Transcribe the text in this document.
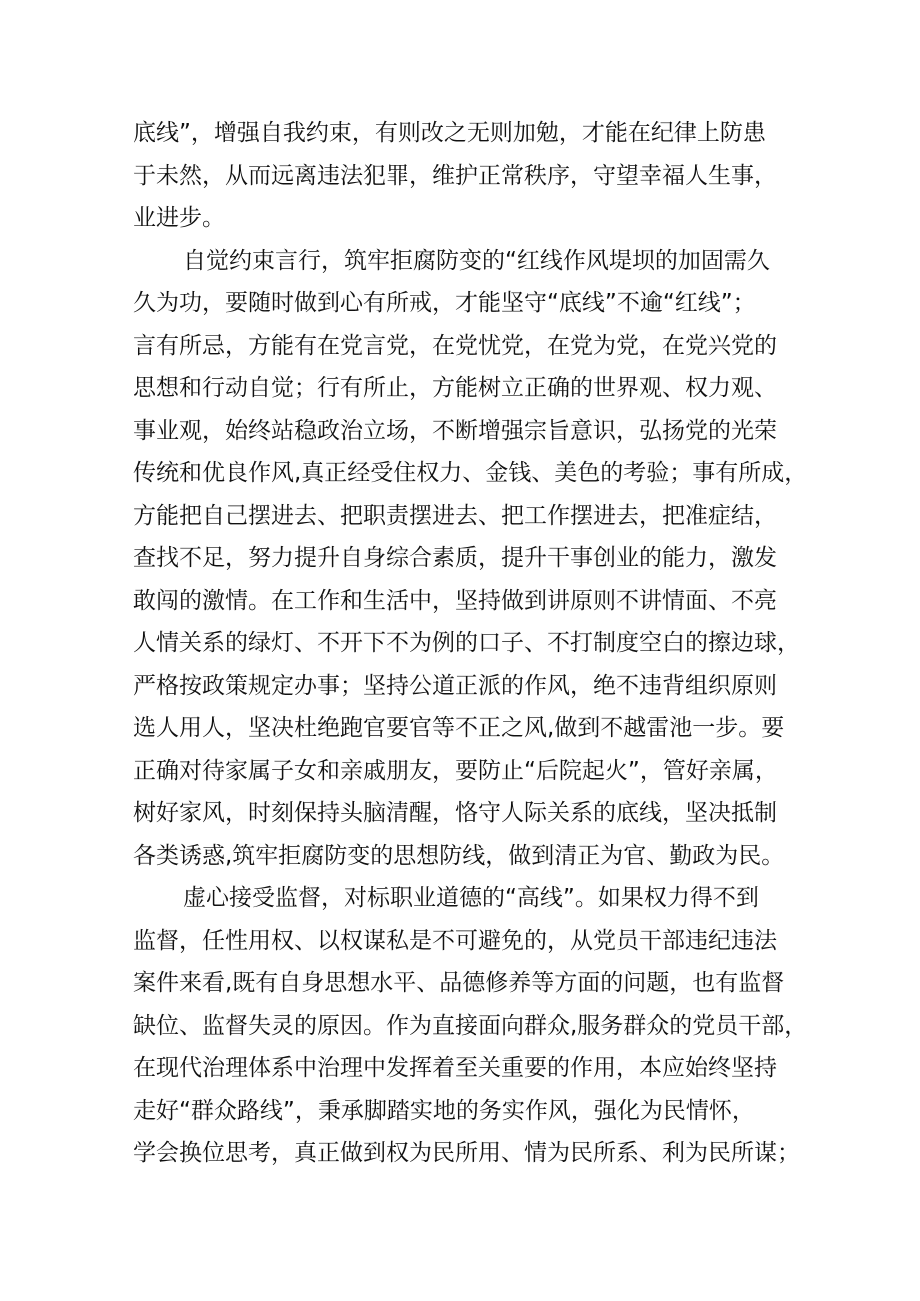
底线”，增强自我约束，有则改之无则加勉，才能在纪律上防患
于未然，从而远离违法犯罪，维护正常秩序，守望幸福人生事，
业进步。
自觉约束言行，筑牢拒腐防变的“红线作风堤坝的加固需久
久为功，要随时做到心有所戒，才能坚守“底线”不逾“红线”；
言有所忌，方能有在党言党，在党忧党，在党为党，在党兴党的
思想和行动自觉；行有所止，方能树立正确的世界观、权力观、
事业观，始终站稳政治立场，不断增强宗旨意识，弘扬党的光荣
传统和优良作风,真正经受住权力、金钱、美色的考验；事有所成，
方能把自己摆进去、把职责摆进去、把工作摆进去，把准症结，
查找不足，努力提升自身综合素质，提升干事创业的能力，激发
敢闯的激情。在工作和生活中，坚持做到讲原则不讲情面、不亮
人情关系的绿灯、不开下不为例的口子、不打制度空白的擦边球，
严格按政策规定办事；坚持公道正派的作风，绝不违背组织原则
选人用人，坚决杜绝跑官要官等不正之风,做到不越雷池一步。要
正确对待家属子女和亲戚朋友，要防止“后院起火”，管好亲属，
树好家风，时刻保持头脑清醒，恪守人际关系的底线，坚决抵制
各类诱惑,筑牢拒腐防变的思想防线，做到清正为官、勤政为民。
虚心接受监督，对标职业道德的“高线”。如果权力得不到
监督，任性用权、以权谋私是不可避免的，从党员干部违纪违法
案件来看,既有自身思想水平、品德修养等方面的问题，也有监督
缺位、监督失灵的原因。作为直接面向群众,服务群众的党员干部，
在现代治理体系中治理中发挥着至关重要的作用，本应始终坚持
走好“群众路线”，秉承脚踏实地的务实作风，强化为民情怀，
学会换位思考，真正做到权为民所用、情为民所系、利为民所谋；
